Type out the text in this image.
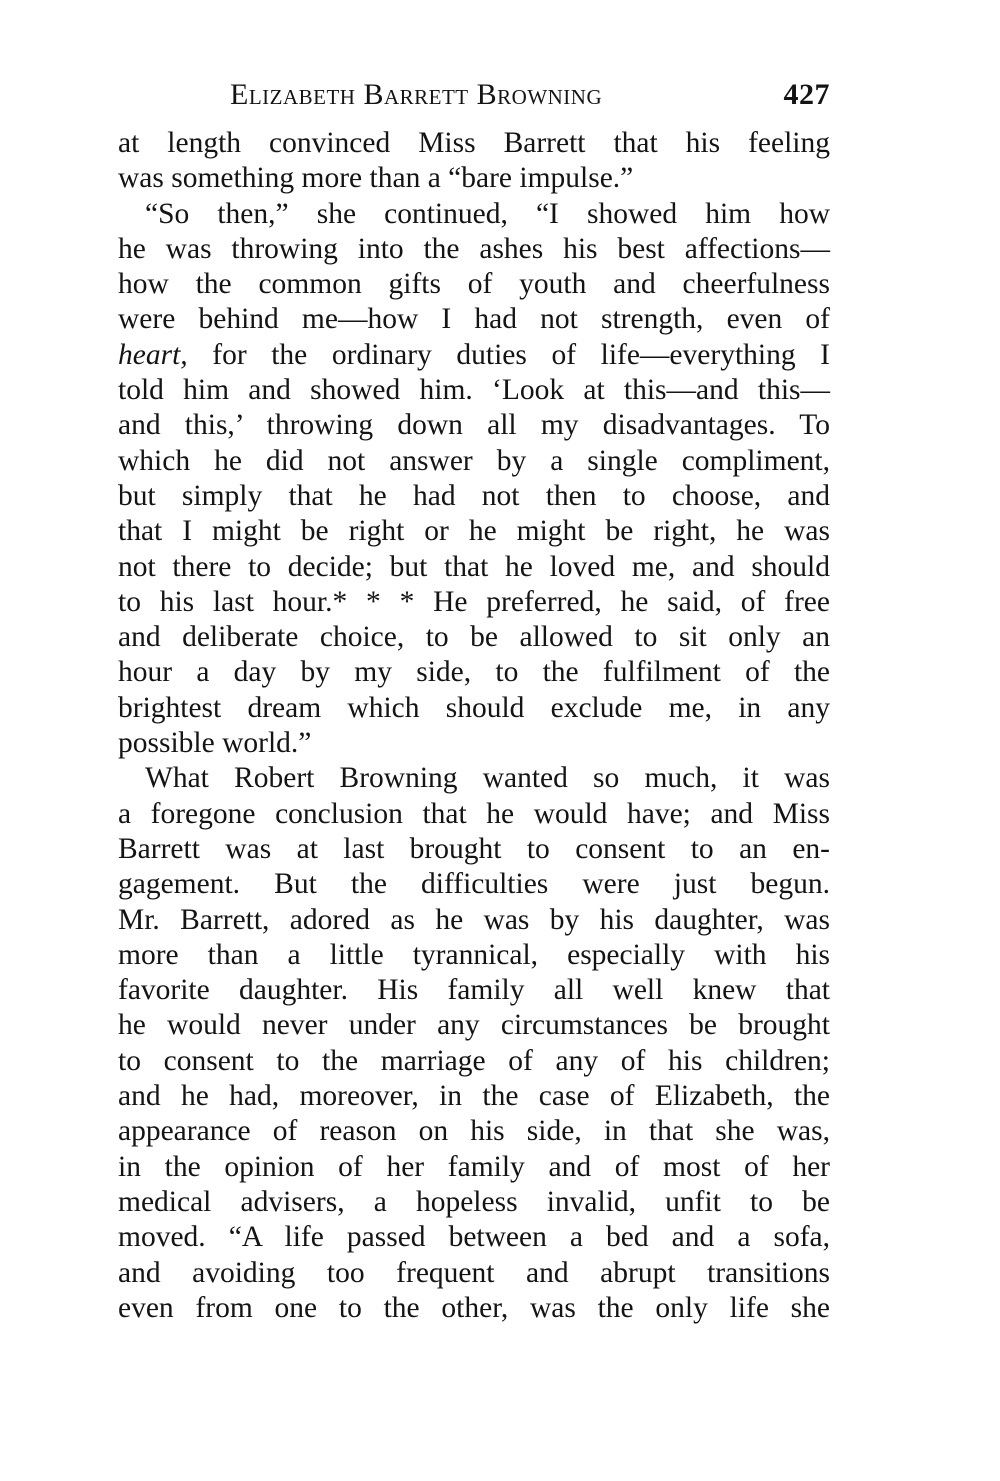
Elizabeth Barrett Browning	427
at length convinced Miss Barrett that his feeling
was something more than a “bare impulse.”
“So then,” she continued, “I showed him how
he was throwing into the ashes his best affections—
how the common gifts of youth and cheerfulness
were behind me—how I had not strength, even of
heart, for the ordinary duties of life—everything I
told him and showed him. ‘Look at this—and this—
and this,’ throwing down all my disadvantages. To
which he did not answer by a single compliment,
but simply that he had not then to choose, and
that I might be right or he might be right, he was
not there to decide; but that he loved me, and should
to his last hour.* * * He preferred, he said, of free
and deliberate choice, to be allowed to sit only an
hour a day by my side, to the fulfilment of the
brightest dream which should exclude me, in any
possible world.”
What Robert Browning wanted so much, it was
a foregone conclusion that he would have; and Miss
Barrett was at last brought to consent to an en-
gagement. But the difficulties were just begun.
Mr. Barrett, adored as he was by his daughter, was
more than a little tyrannical, especially with his
favorite daughter. His family all well knew that
he would never under any circumstances be brought
to consent to the marriage of any of his children;
and he had, moreover, in the case of Elizabeth, the
appearance of reason on his side, in that she was,
in the opinion of her family and of most of her
medical advisers, a hopeless invalid, unfit to be
moved. “A life passed between a bed and a sofa,
and avoiding too frequent and abrupt transitions
even from one to the other, was the only life she
